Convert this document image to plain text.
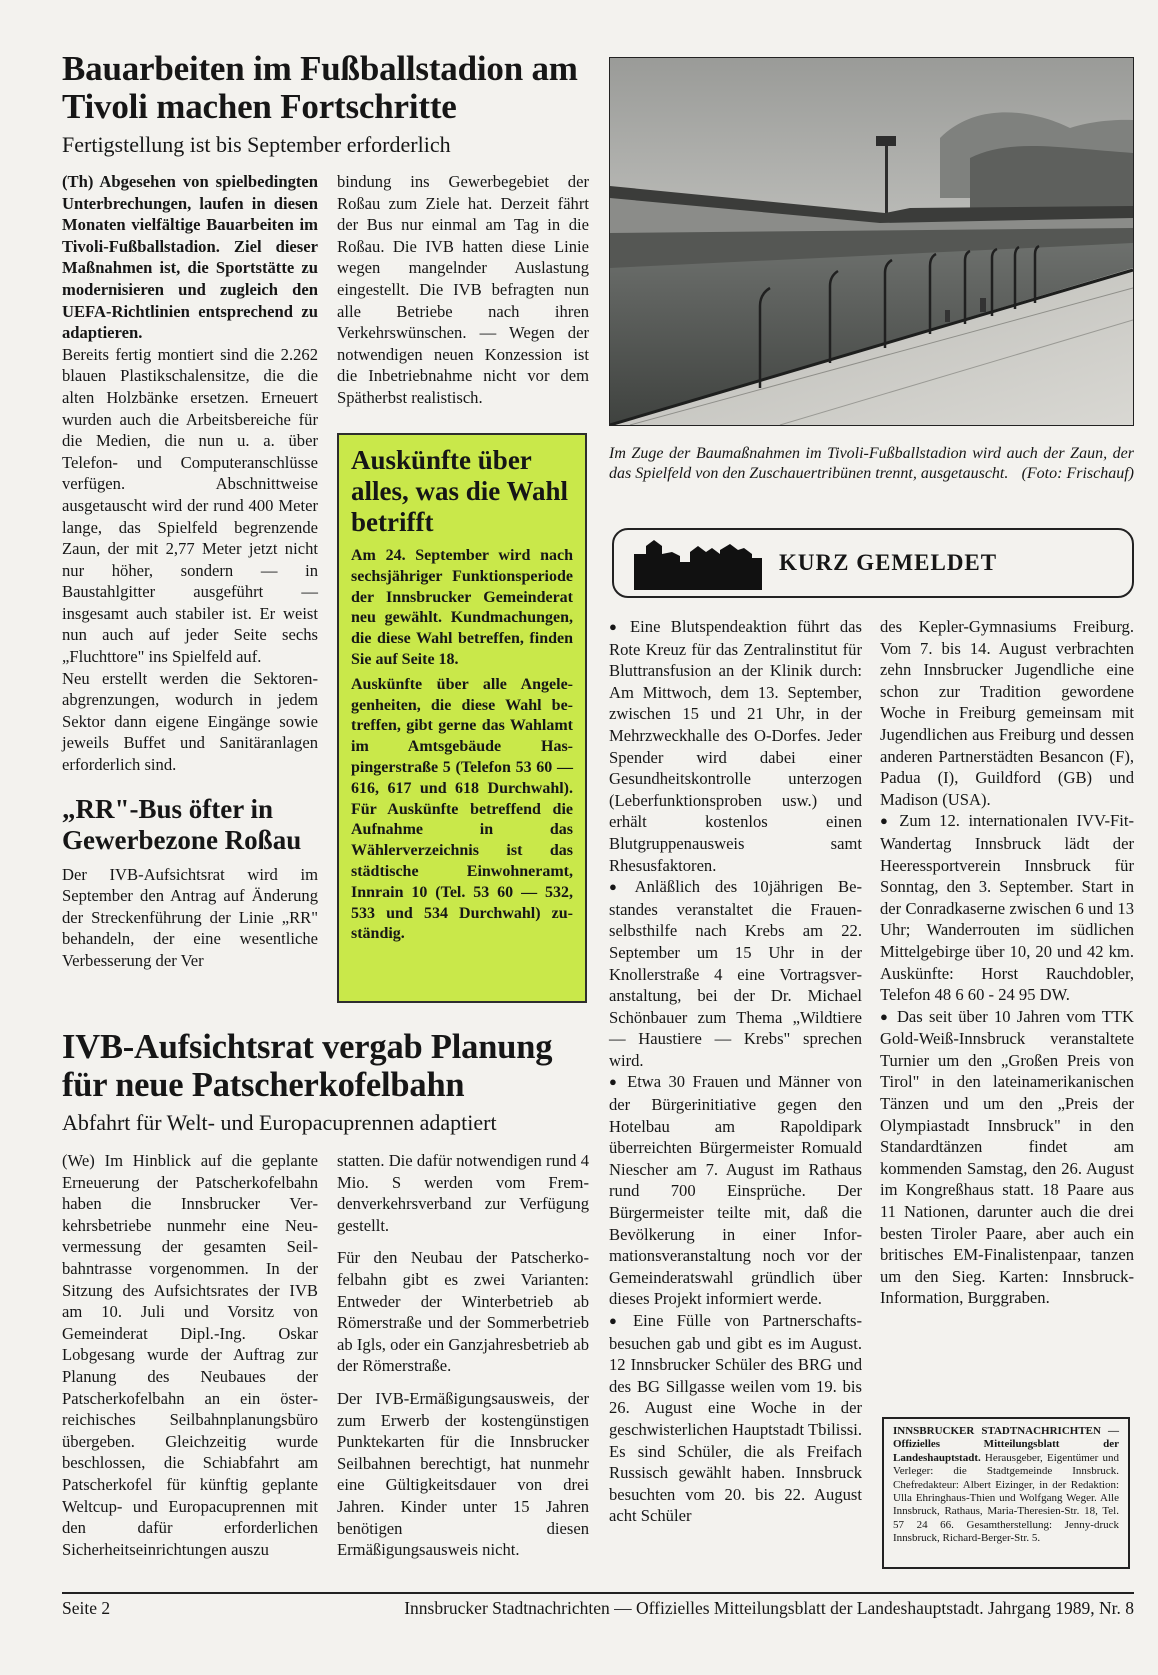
Bauarbeiten im Fußballstadion am Tivoli machen Fortschritte
Fertigstellung ist bis September erforderlich

(Th) Abgesehen von spielbedingten Unterbrechungen, laufen in diesen Monaten vielfältige Bauarbeiten im Tivoli-Fußballstadion. Ziel dieser Maßnahmen ist, die Sportstätte zu modernisieren und zugleich den UEFA-Richtlinien entsprechend zu adaptieren.

Bereits fertig montiert sind die 2.262 blauen Plastikschalensitze, die die alten Holzbänke ersetzen. Erneuert wurden auch die Arbeitsbereiche für die Medien, die nun u. a. über Telefon- und Computeranschlüsse verfügen. Abschnittweise ausgetauscht wird der rund 400 Meter lange, das Spielfeld begrenzende Zaun, der mit 2,77 Meter jetzt nicht nur höher, sondern — in Baustahlgitter ausgeführt — insgesamt auch stabiler ist. Er weist nun auch auf jeder Seite sechs „Fluchttore" ins Spielfeld auf.

Neu erstellt werden die Sektorenabgrenzungen, wodurch in jedem Sektor dann eigene Eingänge sowie jeweils Buffet und Sanitäranlagen erforderlich sind.

„RR"-Bus öfter in Gewerbezone Roßau

Der IVB-Aufsichtsrat wird im September den Antrag auf Änderung der Streckenführung der Linie „RR" behandeln, der eine wesentliche Verbesserung der Ver

bindung ins Gewerbegebiet der Roßau zum Ziele hat. Derzeit fährt der Bus nur einmal am Tag in die Roßau. Die IVB hatten diese Linie wegen mangelnder Auslastung eingestellt. Die IVB befragten nun alle Betriebe nach ihren Verkehrswünschen. — Wegen der notwendigen neuen Konzession ist die Inbetriebnahme nicht vor dem Spätherbst realistisch.

Auskünfte über alles, was die Wahl betrifft

Am 24. September wird nach sechsjähriger Funktionsperiode der Innsbrucker Gemeinderat neu gewählt. Kundmachungen, die diese Wahl betreffen, finden Sie auf Seite 18.

Auskünfte über alle Angelegenheiten, die diese Wahl betreffen, gibt gerne das Wahlamt im Amtsgebäude Haspingerstraße 5 (Telefon 53 60 — 616, 617 und 618 Durchwahl). Für Auskünfte betreffend die Aufnahme in das Wählerverzeichnis ist das städtische Einwohneramt, Innrain 10 (Tel. 53 60 — 532, 533 und 534 Durchwahl) zuständig.

Im Zuge der Baumaßnahmen im Tivoli-Fußballstadion wird auch der Zaun, der das Spielfeld von den Zuschauertribünen trennt, ausgetauscht. (Foto: Frischauf)
KURZ GEMELDET

● Eine Blutspendeaktion führt das Rote Kreuz für das Zentralinstitut für Bluttransfusion an der Klinik durch: Am Mittwoch, dem 13. September, zwischen 15 und 21 Uhr, in der Mehrzweckhalle des O-Dorfes. Jeder Spender wird dabei einer Gesundheitskontrolle unterzogen (Leberfunktionsproben usw.) und erhält kostenlos einen Blutgruppenausweis samt Rhesusfaktoren.

● Anläßlich des 10jährigen Bestandes veranstaltet die Frauenselbsthilfe nach Krebs am 22. September um 15 Uhr in der Knollerstraße 4 eine Vortragsveranstaltung, bei der Dr. Michael Schönbauer zum Thema „Wildtiere — Haustiere — Krebs" sprechen wird.

● Etwa 30 Frauen und Männer von der Bürgerinitiative gegen den Hotelbau am Rapoldipark überreichten Bürgermeister Romuald Niescher am 7. August im Rathaus rund 700 Einsprüche. Der Bürgermeister teilte mit, daß die Bevölkerung in einer Informationsveranstaltung noch vor der Gemeinderatswahl gründlich über dieses Projekt informiert werde.

● Eine Fülle von Partnerschaftsbesuchen gab und gibt es im August. 12 Innsbrucker Schüler des BRG und des BG Sillgasse weilen vom 19. bis 26. August eine Woche in der geschwisterlichen Hauptstadt Tbilissi. Es sind Schüler, die als Freifach Russisch gewählt haben. Innsbruck besuchten vom 20. bis 22. August acht Schüler

des Kepler-Gymnasiums Freiburg. Vom 7. bis 14. August verbrachten zehn Innsbrucker Jugendliche eine schon zur Tradition gewordene Woche in Freiburg gemeinsam mit Jugendlichen aus Freiburg und dessen anderen Partnerstädten Besancon (F), Padua (I), Guildford (GB) und Madison (USA).

● Zum 12. internationalen IVV-Fit-Wandertag Innsbruck lädt der Heeressportverein Innsbruck für Sonntag, den 3. September. Start in der Conradkaserne zwischen 6 und 13 Uhr; Wanderrouten im südlichen Mittelgebirge über 10, 20 und 42 km. Auskünfte: Horst Rauchdobler, Telefon 48 6 60 - 24 95 DW.

● Das seit über 10 Jahren vom TTK Gold-Weiß-Innsbruck veranstaltete Turnier um den „Großen Preis von Tirol" in den lateinamerikanischen Tänzen und um den „Preis der Olympiastadt Innsbruck" in den Standardtänzen findet am kommenden Samstag, den 26. August im Kongreßhaus statt. 18 Paare aus 11 Nationen, darunter auch die drei besten Tiroler Paare, aber auch ein britisches EM-Finalistenpaar, tanzen um den Sieg. Karten: Innsbruck-Information, Burggraben.

IVB-Aufsichtsrat vergab Planung für neue Patscherkofelbahn
Abfahrt für Welt- und Europacuprennen adaptiert

(We) Im Hinblick auf die geplante Erneuerung der Patscherkofelbahn haben die Innsbrucker Verkehrsbetriebe nunmehr eine Neuvermessung der gesamten Seilbahntrasse vorgenommen. In der Sitzung des Aufsichtsrates der IVB am 10. Juli und Vorsitz von Gemeinderat Dipl.-Ing. Oskar Lobgesang wurde der Auftrag zur Planung des Neubaues der Patscherkofelbahn an ein österreichisches Seilbahnplanungsbüro übergeben. Gleichzeitig wurde beschlossen, die Schiabfahrt am Patscherkofel für künftig geplante Weltcup- und Europacuprennen mit den dafür erforderlichen Sicherheitseinrichtungen auszu

statten. Die dafür notwendigen rund 4 Mio. S werden vom Fremdenverkehrsverband zur Verfügung gestellt.

Für den Neubau der Patscherkofelbahn gibt es zwei Varianten: Entweder der Winterbetrieb ab Römerstraße und der Sommerbetrieb ab Igls, oder ein Ganzjahresbetrieb ab der Römerstraße.

Der IVB-Ermäßigungsausweis, der zum Erwerb der kostengünstigen Punktekarten für die Innsbrucker Seilbahnen berechtigt, hat nunmehr eine Gültigkeitsdauer von drei Jahren. Kinder unter 15 Jahren benötigen diesen Ermäßigungsausweis nicht.

INNSBRUCKER STADTNACHRICHTEN — Offizielles Mitteilungsblatt der Landeshauptstadt. Herausgeber, Eigentümer und Verleger: die Stadtgemeinde Innsbruck. Chefredakteur: Albert Eizinger, in der Redaktion: Ulla Ehringhaus-Thien und Wolfgang Weger. Alle Innsbruck, Rathaus, Maria-Theresien-Str. 18, Tel. 57 24 66. Gesamtherstellung: Jenny-druck Innsbruck, Richard-Berger-Str. 5.
Seite 2	Innsbrucker Stadtnachrichten — Offizielles Mitteilungsblatt der Landeshauptstadt. Jahrgang 1989, Nr. 8
